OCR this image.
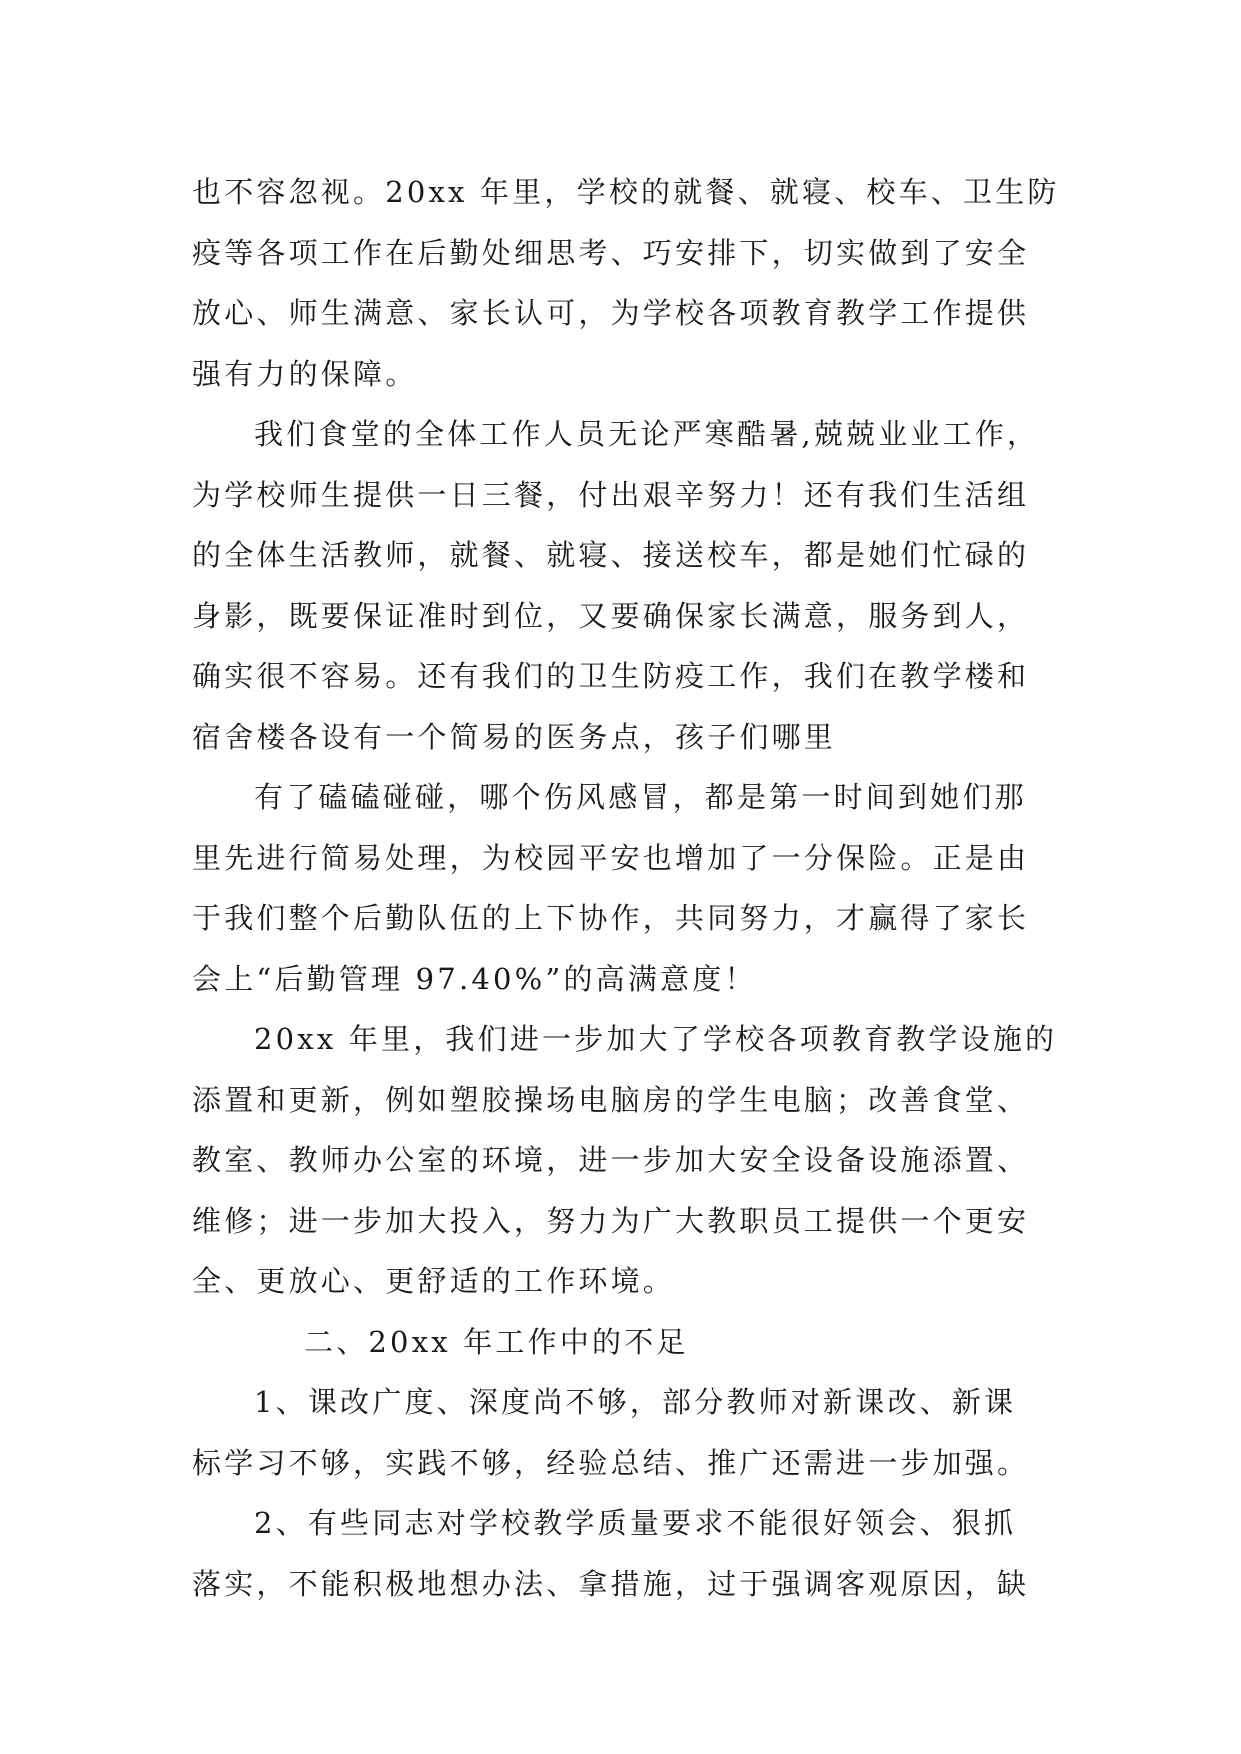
也不容忽视。20xx 年里，学校的就餐、就寝、校车、卫生防
疫等各项工作在后勤处细思考、巧安排下，切实做到了安全
放心、师生满意、家长认可，为学校各项教育教学工作提供
强有力的保障。

我们食堂的全体工作人员无论严寒酷暑,兢兢业业工作，
为学校师生提供一日三餐，付出艰辛努力！还有我们生活组
的全体生活教师，就餐、就寝、接送校车，都是她们忙碌的
身影，既要保证准时到位，又要确保家长满意，服务到人，
确实很不容易。还有我们的卫生防疫工作，我们在教学楼和
宿舍楼各设有一个简易的医务点，孩子们哪里

有了磕磕碰碰，哪个伤风感冒，都是第一时间到她们那
里先进行简易处理，为校园平安也增加了一分保险。正是由
于我们整个后勤队伍的上下协作，共同努力，才赢得了家长
会上“后勤管理 97.40%”的高满意度！

20xx 年里，我们进一步加大了学校各项教育教学设施的
添置和更新，例如塑胶操场电脑房的学生电脑；改善食堂、
教室、教师办公室的环境，进一步加大安全设备设施添置、
维修；进一步加大投入，努力为广大教职员工提供一个更安
全、更放心、更舒适的工作环境。

二、20xx 年工作中的不足

1、课改广度、深度尚不够，部分教师对新课改、新课
标学习不够，实践不够，经验总结、推广还需进一步加强。

2、有些同志对学校教学质量要求不能很好领会、狠抓
落实，不能积极地想办法、拿措施，过于强调客观原因，缺
